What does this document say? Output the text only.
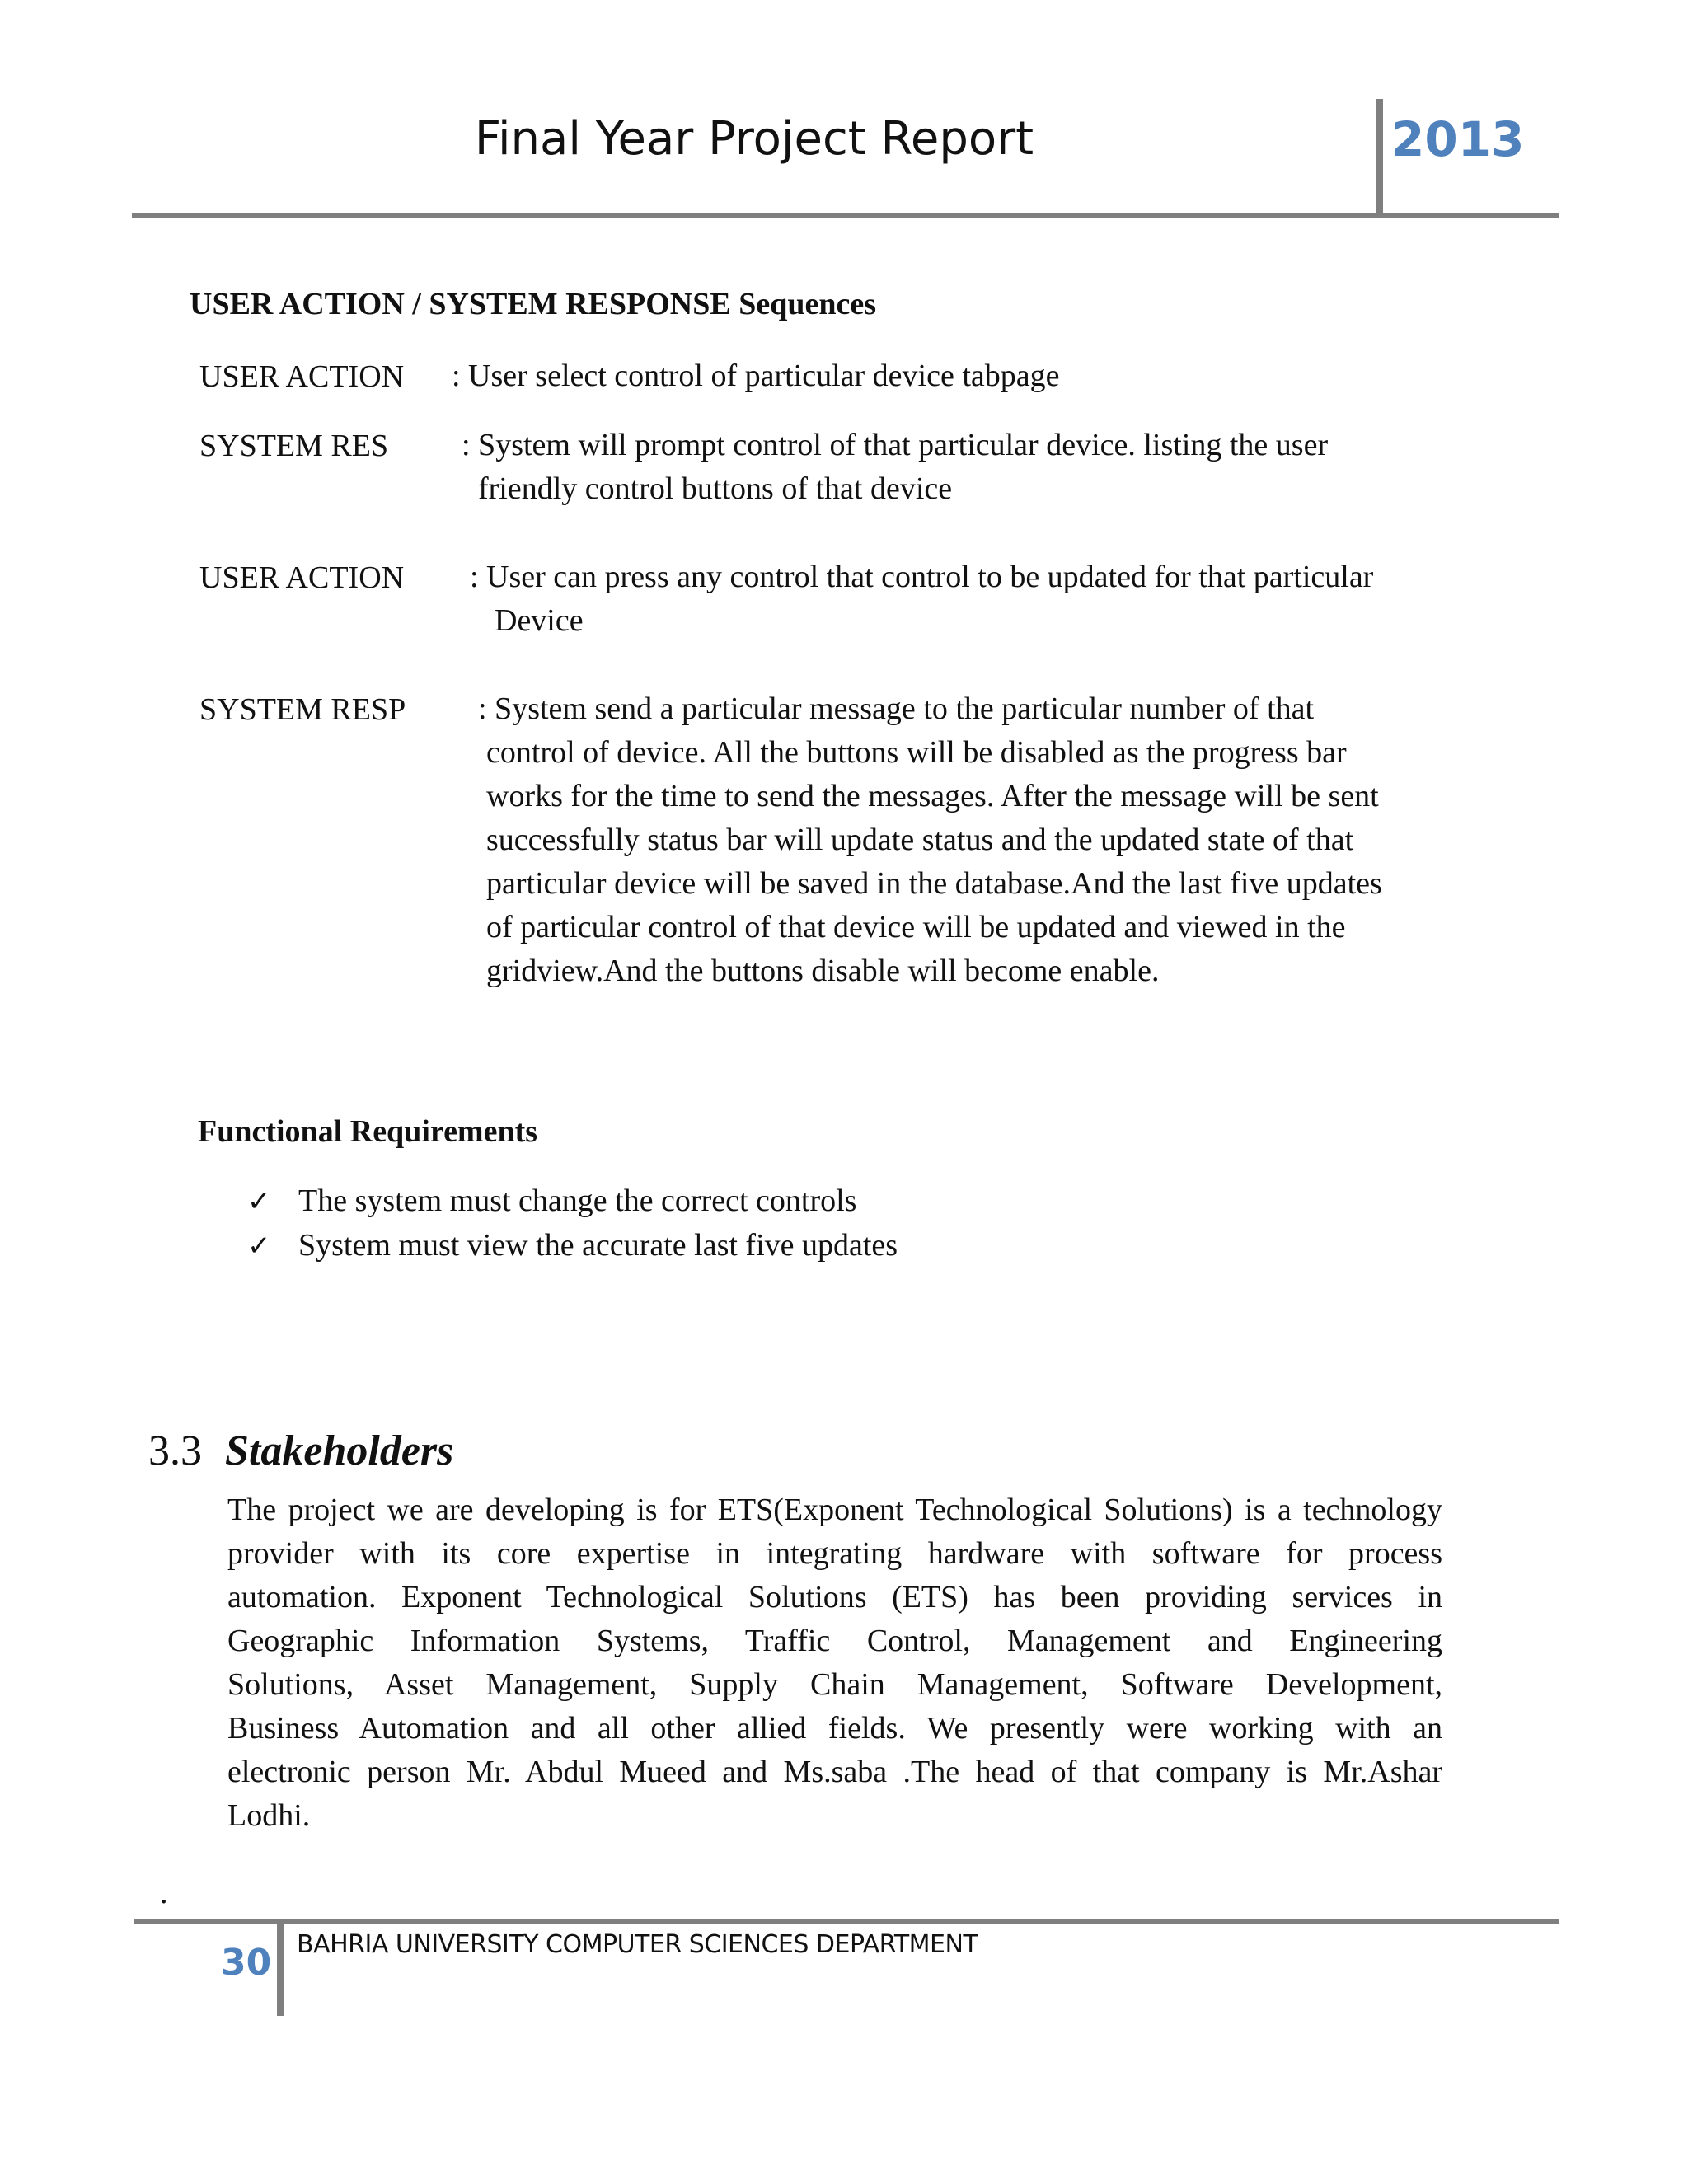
Final Year Project Report	2013
USER ACTION / SYSTEM RESPONSE Sequences
USER ACTION : User select control of particular device tabpage
SYSTEM RES : System will prompt control of that particular device. listing the user
friendly control buttons of that device
USER ACTION : User can press any control that control to be updated for that particular
Device
SYSTEM RESP : System send a particular message to the particular number of that
control of device. All the buttons will be disabled as the progress bar
works for the time to send the messages. After the message will be sent
successfully status bar will update status and the updated state of that
particular device will be saved in the database.And the last five updates
of particular control of that device will be updated and viewed in the
gridview.And the buttons disable will become enable.
Functional Requirements
✓ The system must change the correct controls
✓ System must view the accurate last five updates
3.3 Stakeholders
The project we are developing is for ETS(Exponent Technological Solutions) is a technology
provider with its core expertise in integrating hardware with software for process
automation. Exponent Technological Solutions (ETS) has been providing services in
Geographic Information Systems, Traffic Control, Management and Engineering
Solutions, Asset Management, Supply Chain Management, Software Development,
Business Automation and all other allied fields. We presently were working with an
electronic person Mr. Abdul Mueed and Ms.saba .The head of that company is Mr.Ashar
Lodhi.
.
30 BAHRIA UNIVERSITY COMPUTER SCIENCES DEPARTMENT
